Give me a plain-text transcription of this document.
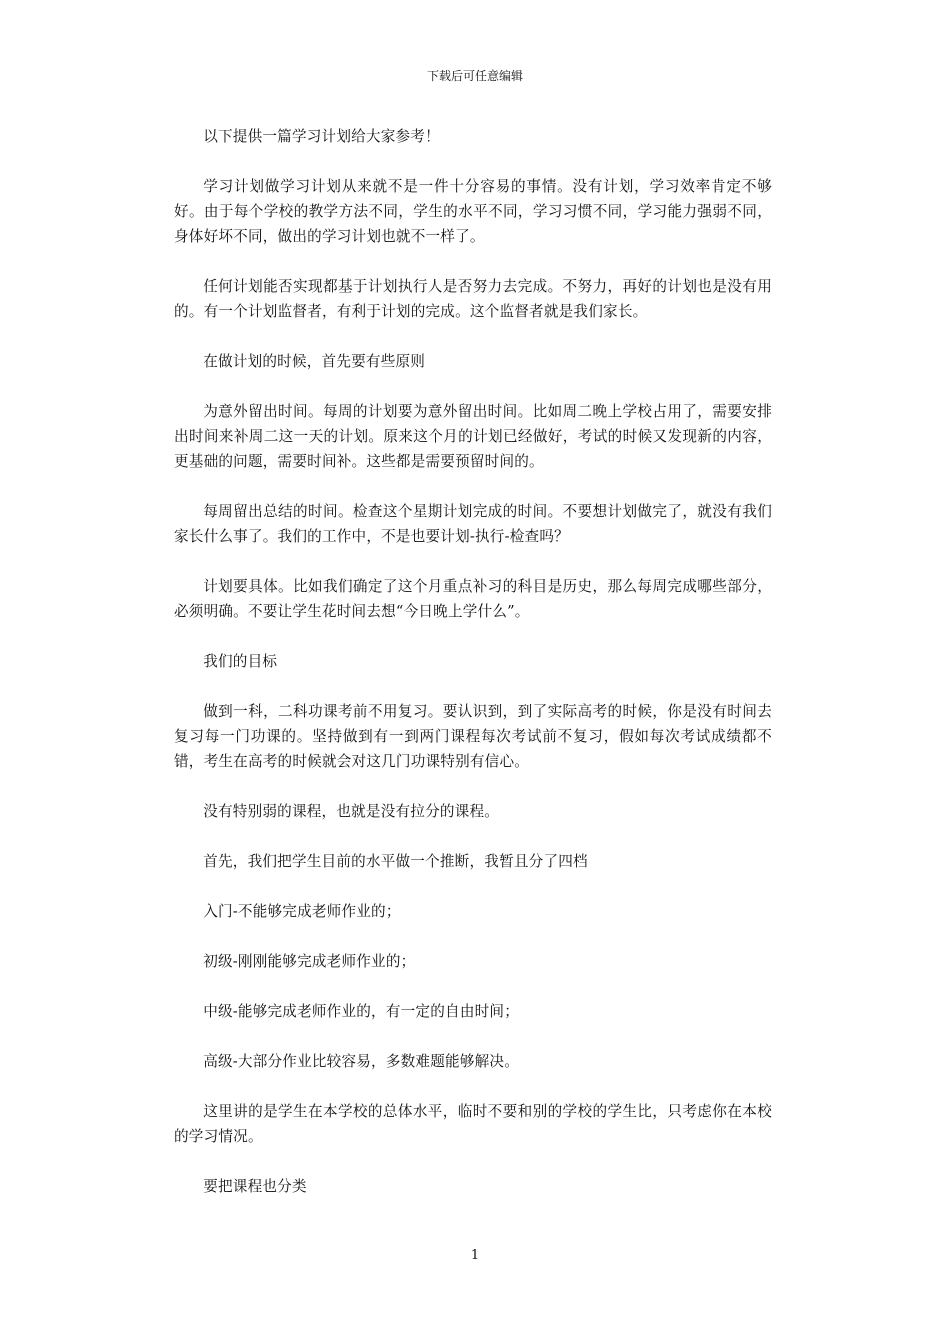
下载后可任意编辑

以下提供一篇学习计划给大家参考！

学习计划做学习计划从来就不是一件十分容易的事情。没有计划，学习效率肯定不够好。由于每个学校的教学方法不同，学生的水平不同，学习习惯不同，学习能力强弱不同，身体好坏不同，做出的学习计划也就不一样了。

任何计划能否实现都基于计划执行人是否努力去完成。不努力，再好的计划也是没有用的。有一个计划监督者，有利于计划的完成。这个监督者就是我们家长。

在做计划的时候，首先要有些原则

为意外留出时间。每周的计划要为意外留出时间。比如周二晚上学校占用了，需要安排出时间来补周二这一天的计划。原来这个月的计划已经做好，考试的时候又发现新的内容，更基础的问题，需要时间补。这些都是需要预留时间的。

每周留出总结的时间。检查这个星期计划完成的时间。不要想计划做完了，就没有我们家长什么事了。我们的工作中，不是也要计划-执行-检查吗？

计划要具体。比如我们确定了这个月重点补习的科目是历史，那么每周完成哪些部分，必须明确。不要让学生花时间去想“今日晚上学什么”。

我们的目标

做到一科，二科功课考前不用复习。要认识到，到了实际高考的时候，你是没有时间去复习每一门功课的。坚持做到有一到两门课程每次考试前不复习，假如每次考试成绩都不错，考生在高考的时候就会对这几门功课特别有信心。

没有特别弱的课程，也就是没有拉分的课程。

首先，我们把学生目前的水平做一个推断，我暂且分了四档

入门-不能够完成老师作业的；

初级-刚刚能够完成老师作业的；

中级-能够完成老师作业的，有一定的自由时间；

高级-大部分作业比较容易，多数难题能够解决。

这里讲的是学生在本学校的总体水平，临时不要和别的学校的学生比，只考虑你在本校的学习情况。

要把课程也分类

1
